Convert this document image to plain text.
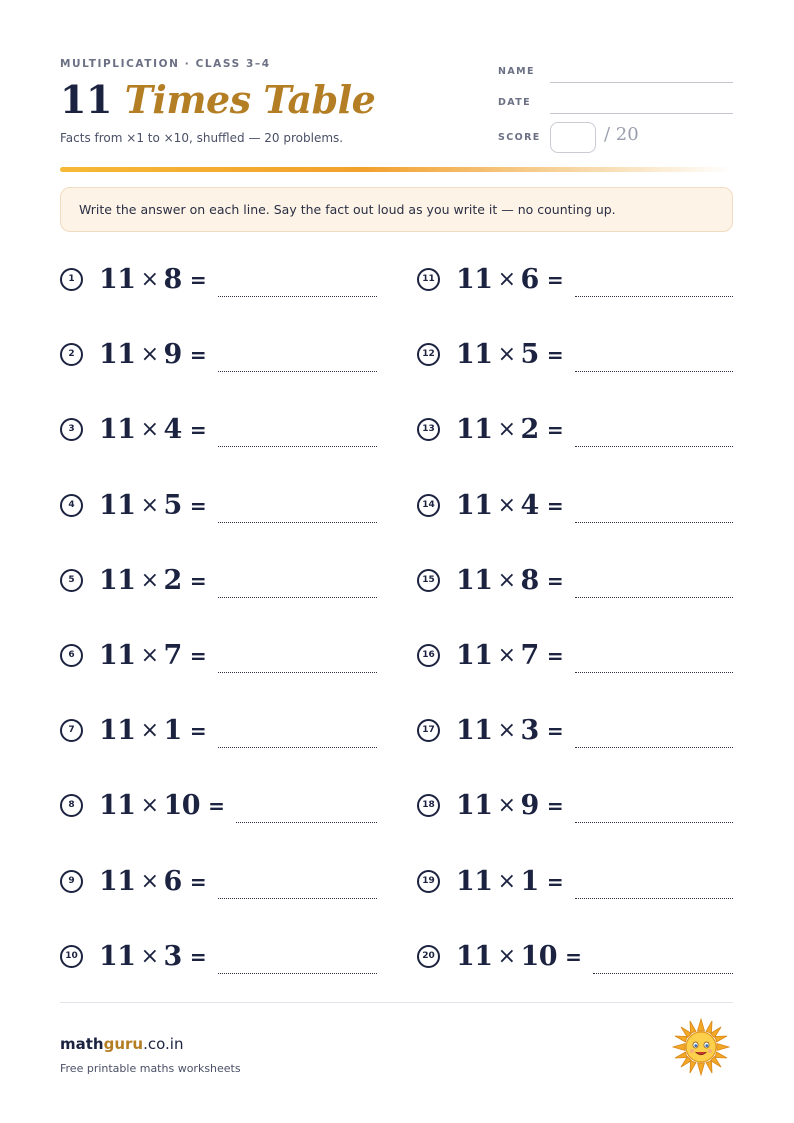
MULTIPLICATION · CLASS 3–4
11 Times Table
Facts from ×1 to ×10, shuffled — 20 problems.
NAME
DATE
SCORE	/ 20
Write the answer on each line. Say the fact out loud as you write it — no counting up.
1 11 × 8 =
2 11 × 9 =
3 11 × 4 =
4 11 × 5 =
5 11 × 2 =
6 11 × 7 =
7 11 × 1 =
8 11 × 10 =
9 11 × 6 =
10 11 × 3 =
11 11 × 6 =
12 11 × 5 =
13 11 × 2 =
14 11 × 4 =
15 11 × 8 =
16 11 × 7 =
17 11 × 3 =
18 11 × 9 =
19 11 × 1 =
20 11 × 10 =
mathguru.co.in
Free printable maths worksheets
